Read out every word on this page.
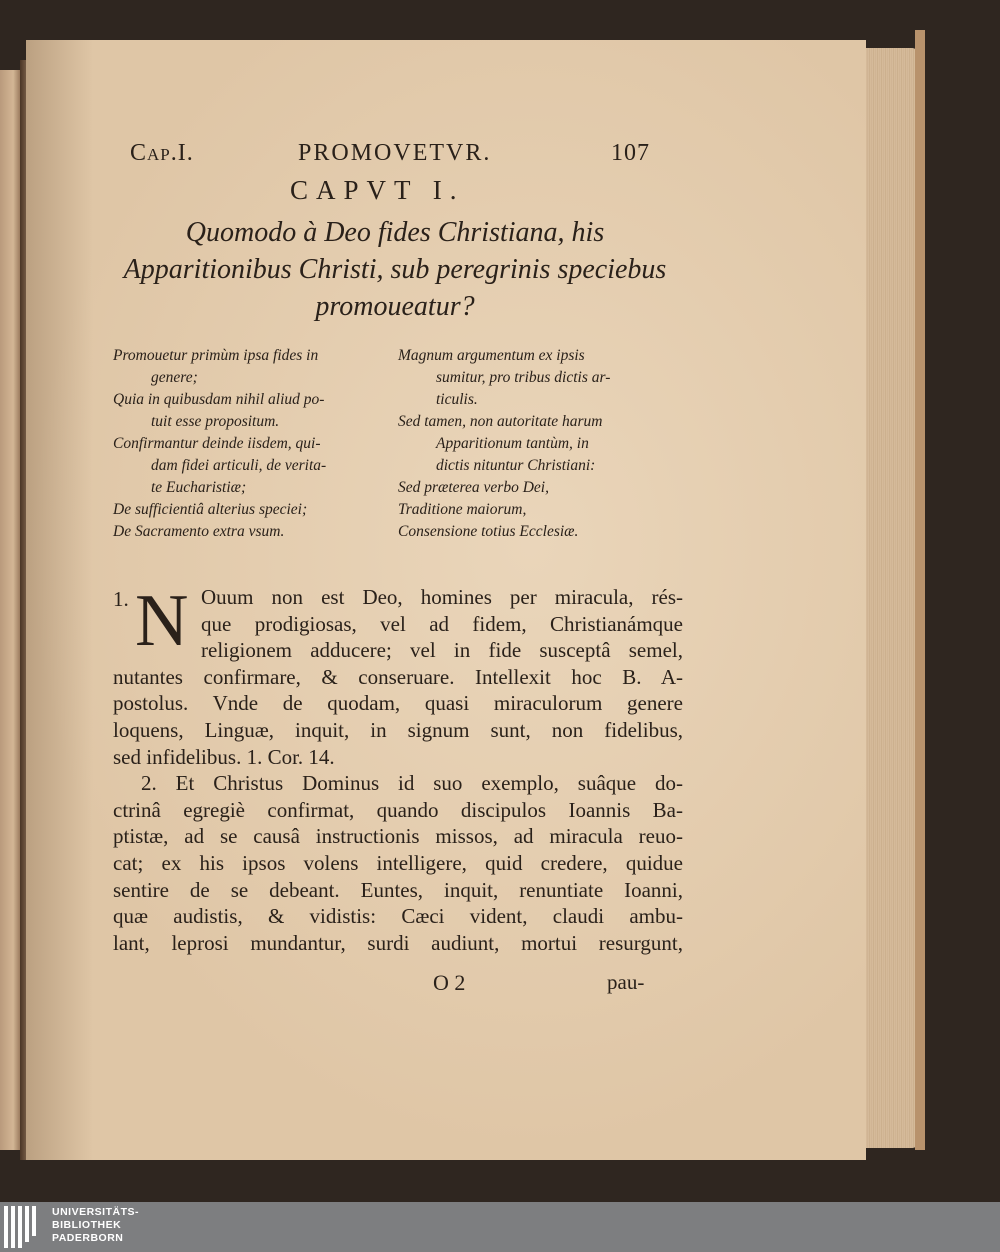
Cap.I.	PROMOVETVR.	107
CAPVT I.
Quomodo à Deo fides Christiana, his Apparitionibus Christi, sub peregrinis speciebus promoueatur?
Promouetur primùm ipsa fides in
genere;
Quia in quibusdam nihil aliud po-
tuit esse propositum.
Confirmantur deinde iisdem, qui-
dam fidei articuli, de verita-
te Eucharistiæ;
De sufficientiâ alterius speciei;
De Sacramento extra vsum.
Magnum argumentum ex ipsis
sumitur, pro tribus dictis ar-
ticulis.
Sed tamen, non autoritate harum
Apparitionum tantùm, in
dictis nituntur Christiani:
Sed præterea verbo Dei,
Traditione maiorum,
Consensione totius Ecclesiæ.
1. N Ouum non est Deo, homines per miracula, rés-
que prodigiosas, vel ad fidem, Christianámque
religionem adducere; vel in fide susceptâ semel,
nutantes confirmare, & conseruare. Intellexit hoc B. A-
postolus. Vnde de quodam, quasi miraculorum genere
loquens, Linguæ, inquit, in signum sunt, non fidelibus,
sed infidelibus. 1. Cor. 14.
2. Et Christus Dominus id suo exemplo, suâque do-
ctrinâ egregiè confirmat, quando discipulos Ioannis Ba-
ptistæ, ad se causâ instructionis missos, ad miracula reuo-
cat; ex his ipsos volens intelligere, quid credere, quidue
sentire de se debeant. Euntes, inquit, renuntiate Ioanni,
quæ audistis, & vidistis: Cæci vident, claudi ambu-
lant, leprosi mundantur, surdi audiunt, mortui resurgunt,
O 2	pau-
UNIVERSITÄTS-
BIBLIOTHEK
PADERBORN
